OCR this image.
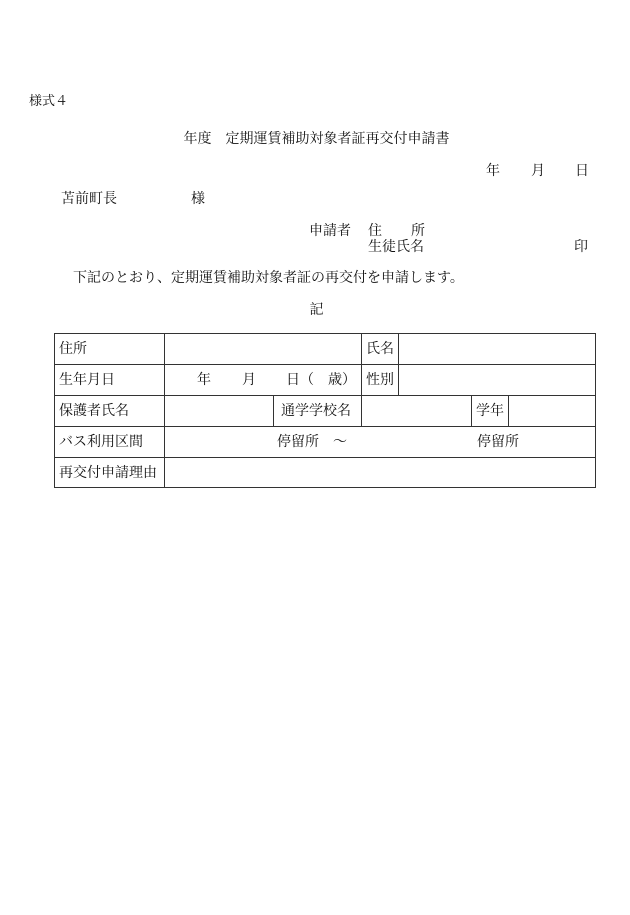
様式４
年度　定期運賃補助対象者証再交付申請書
年 月 日
苫前町長	様
申請者 住 所
生徒氏名	印
下記のとおり、定期運賃補助対象者証の再交付を申請します。
記
住所	氏名
生年月日	年 月 日（　歳） 性別
保護者氏名	通学学校名	学年
バス利用区間	停留所　～	停留所
再交付申請理由
